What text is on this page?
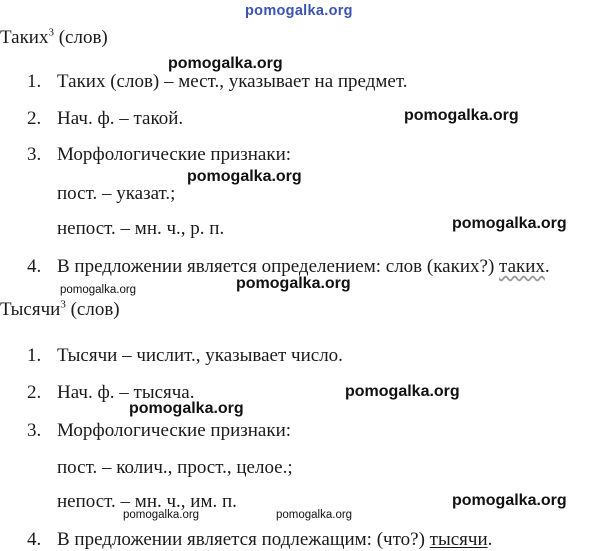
pomogalka.org
Таких$^3$ (слов)
1. Таких (слов) – мест., указывает на предмет.
2. Нач. ф. – такой.
3. Морфологические признаки:
пост. – указат.;
непост. – мн. ч., р. п.
4. В предложении является определением: слов (каких?) таких.
Тысячи$^3$ (слов)
1. Тысячи – числит., указывает число.
2. Нач. ф. – тысяча.
3. Морфологические признаки:
пост. – колич., прост., целое.;
непост. – мн. ч., им. п.
4. В предложении является подлежащим: (что?) тысячи.
pomogalka.org
pomogalka.org
pomogalka.org
pomogalka.org
pomogalka.org
pomogalka.org
pomogalka.org
pomogalka.org
pomogalka.org
pomogalka.org	pomogalka.org
